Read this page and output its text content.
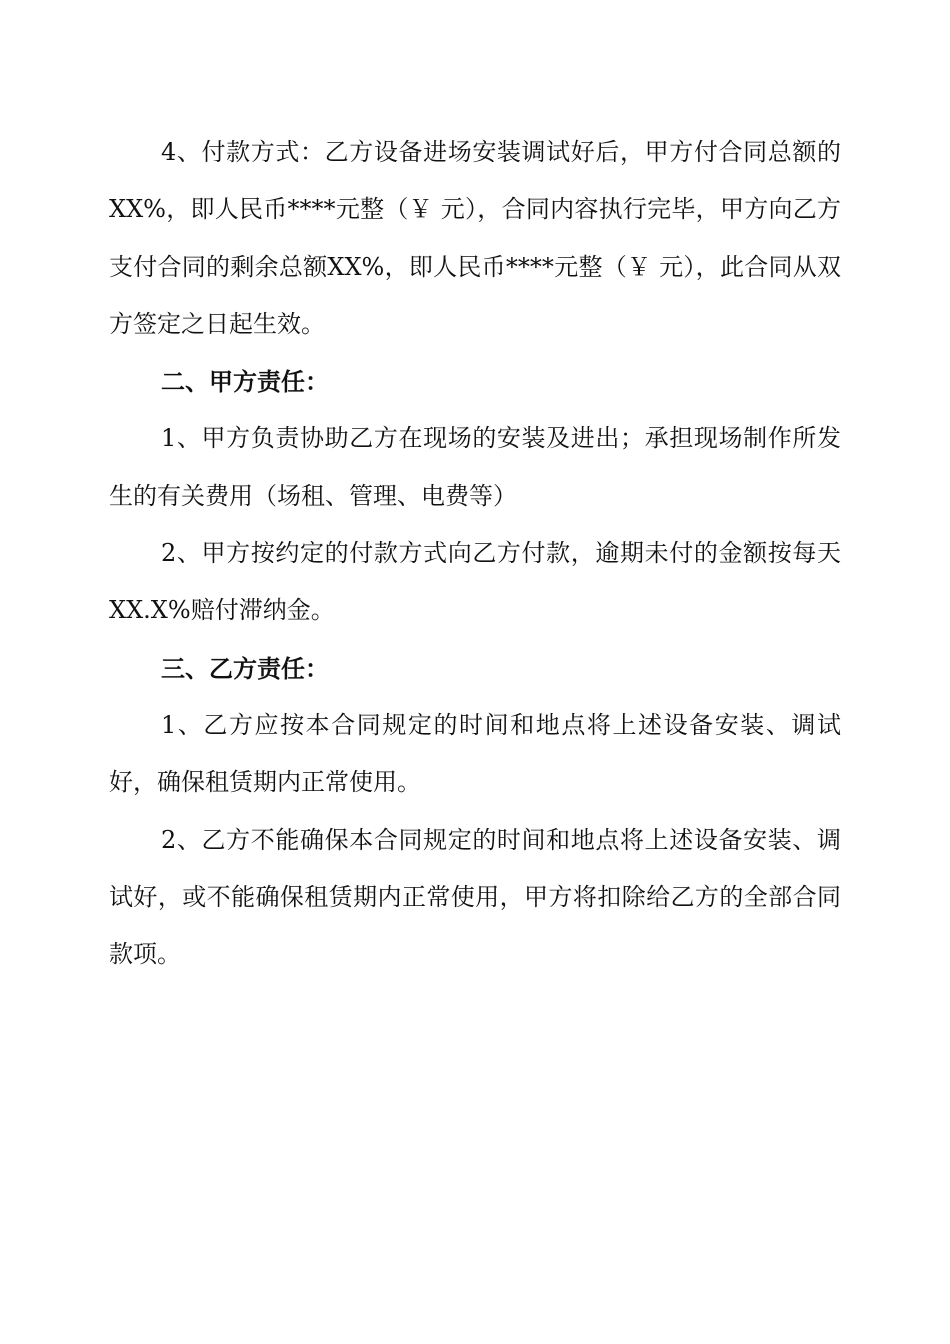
4、付款方式：乙方设备进场安装调试好后，甲方付合同总额的XX%，即人民币****元整（￥ 元），合同内容执行完毕，甲方向乙方支付合同的剩余总额XX%，即人民币****元整（￥ 元），此合同从双方签定之日起生效。

二、甲方责任：

1、甲方负责协助乙方在现场的安装及进出；承担现场制作所发生的有关费用（场租、管理、电费等）

2、甲方按约定的付款方式向乙方付款，逾期未付的金额按每天XX.X%赔付滞纳金。

三、乙方责任：

1、乙方应按本合同规定的时间和地点将上述设备安装、调试好，确保租赁期内正常使用。

2、乙方不能确保本合同规定的时间和地点将上述设备安装、调试好，或不能确保租赁期内正常使用，甲方将扣除给乙方的全部合同款项。
